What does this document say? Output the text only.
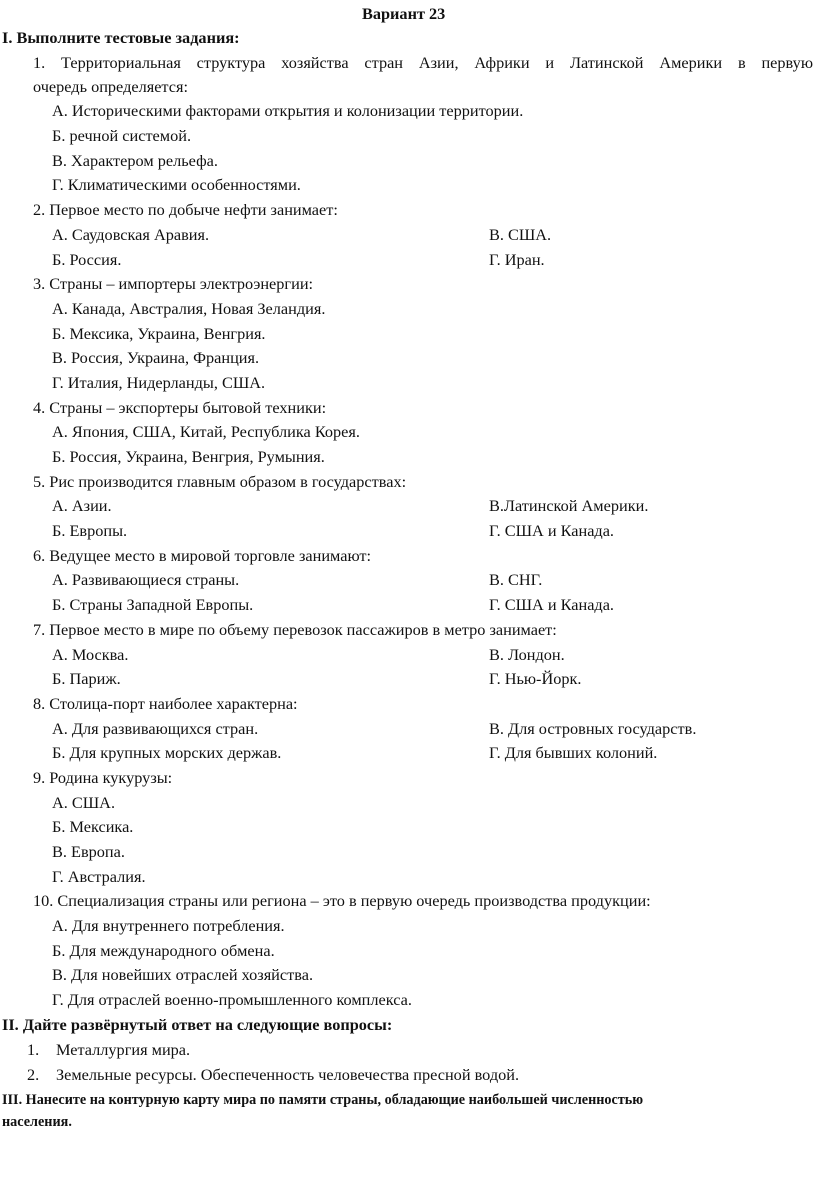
Вариант 23
I. Выполните тестовые задания:
1. Территориальная структура хозяйства стран Азии, Африки и Латинской Америки в первую
очередь определяется:
А. Историческими факторами открытия и колонизации территории.
Б. речной системой.
В. Характером рельефа.
Г. Климатическими особенностями.
2. Первое место по добыче нефти занимает:
А. Саудовская Аравия.	В. США.
Б. Россия.	Г. Иран.
3. Страны – импортеры электроэнергии:
А. Канада, Австралия, Новая Зеландия.
Б. Мексика, Украина, Венгрия.
В. Россия, Украина, Франция.
Г. Италия, Нидерланды, США.
4. Страны – экспортеры бытовой техники:
А. Япония, США, Китай, Республика Корея.
Б. Россия, Украина, Венгрия, Румыния.
5. Рис производится главным образом в государствах:
А. Азии.	В.Латинской Америки.
Б. Европы.	Г. США и Канада.
6. Ведущее место в мировой торговле занимают:
А. Развивающиеся страны.	В. СНГ.
Б. Страны Западной Европы.	Г. США и Канада.
7. Первое место в мире по объему перевозок пассажиров в метро занимает:
А. Москва.	В. Лондон.
Б. Париж.	Г. Нью-Йорк.
8. Столица-порт наиболее характерна:
А. Для развивающихся стран.	В. Для островных государств.
Б. Для крупных морских держав.	Г. Для бывших колоний.
9. Родина кукурузы:
А. США.
Б. Мексика.
В. Европа.
Г. Австралия.
10. Специализация страны или региона – это в первую очередь производства продукции:
А. Для внутреннего потребления.
Б. Для международного обмена.
В. Для новейших отраслей хозяйства.
Г. Для отраслей военно-промышленного комплекса.
II. Дайте развёрнутый ответ на следующие вопросы:
1. Металлургия мира.
2. Земельные ресурсы. Обеспеченность человечества пресной водой.
III. Нанесите на контурную карту мира по памяти страны, обладающие наибольшей численностью
населения.
